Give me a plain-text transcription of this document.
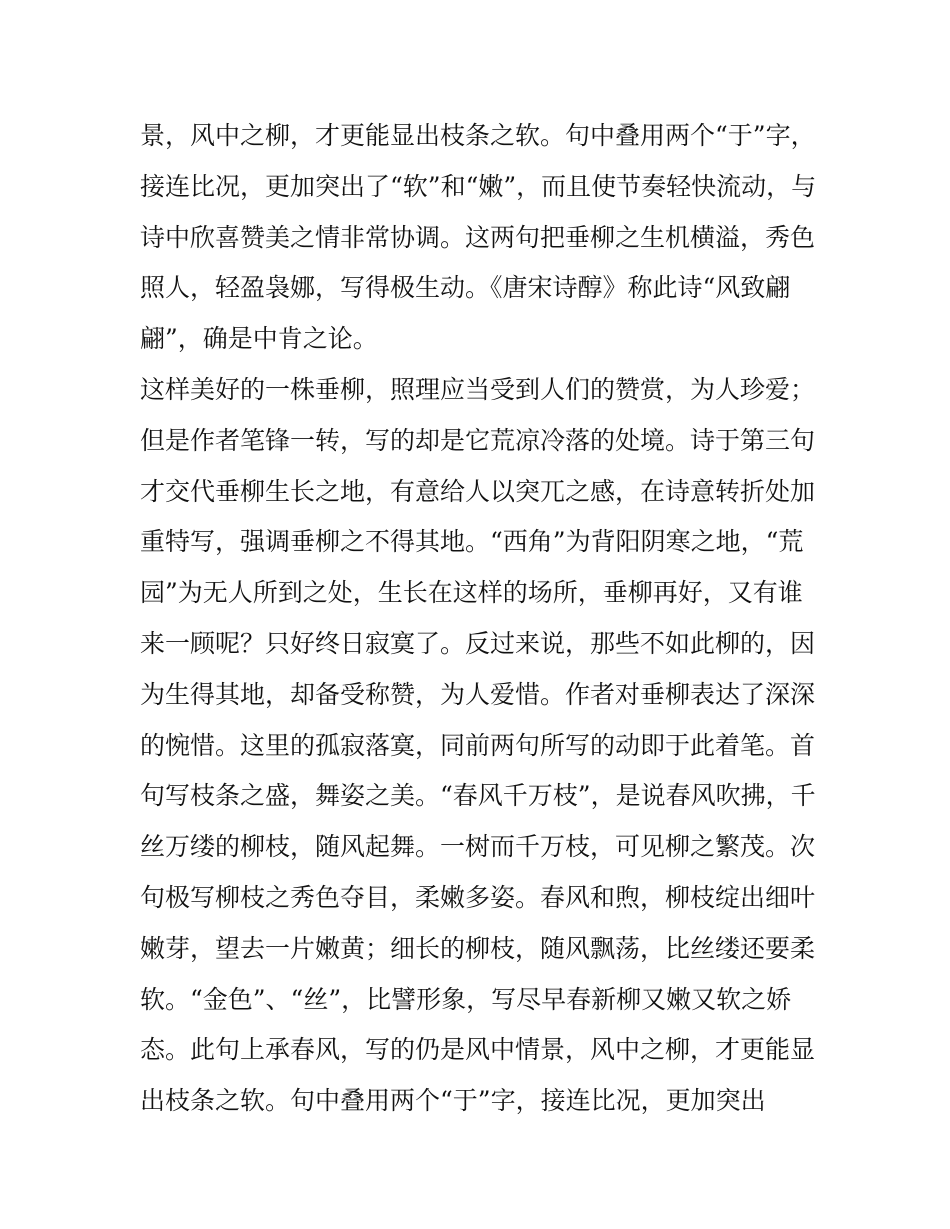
景，风中之柳，才更能显出枝条之软。句中叠用两个“于”字，
接连比况，更加突出了“软”和“嫩”，而且使节奏轻快流动，与
诗中欣喜赞美之情非常协调。这两句把垂柳之生机横溢，秀色
照人，轻盈袅娜，写得极生动。《唐宋诗醇》称此诗“风致翩
翩”，确是中肯之论。
这样美好的一株垂柳，照理应当受到人们的赞赏，为人珍爱；
但是作者笔锋一转，写的却是它荒凉冷落的处境。诗于第三句
才交代垂柳生长之地，有意给人以突兀之感，在诗意转折处加
重特写，强调垂柳之不得其地。“西角”为背阳阴寒之地，“荒
园”为无人所到之处，生长在这样的场所，垂柳再好，又有谁
来一顾呢？只好终日寂寞了。反过来说，那些不如此柳的，因
为生得其地，却备受称赞，为人爱惜。作者对垂柳表达了深深
的惋惜。这里的孤寂落寞，同前两句所写的动即于此着笔。首
句写枝条之盛，舞姿之美。“春风千万枝”，是说春风吹拂，千
丝万缕的柳枝，随风起舞。一树而千万枝，可见柳之繁茂。次
句极写柳枝之秀色夺目，柔嫩多姿。春风和煦，柳枝绽出细叶
嫩芽，望去一片嫩黄；细长的柳枝，随风飘荡，比丝缕还要柔
软。“金色”、“丝”，比譬形象，写尽早春新柳又嫩又软之娇
态。此句上承春风，写的仍是风中情景，风中之柳，才更能显
出枝条之软。句中叠用两个“于”字，接连比况，更加突出
